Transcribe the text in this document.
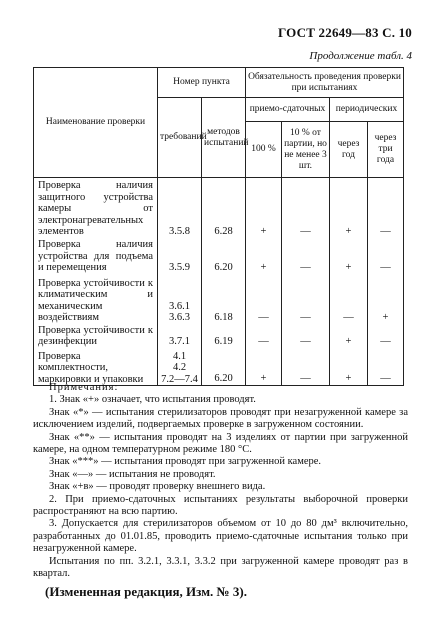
ГОСТ 22649—83 С. 10
Продолжение табл. 4
Наименование проверки	Номер пункта		Обязательность проведения проверки при испытаниях			
	требований	методов испытаний	приемо-сдаточных		периодических	
			100 %	10 % от партии, но не менее 3 шт.	через год	через три года
Проверка наличия защитного устройства камеры от электронагревательных элементов	3.5.8	6.28	+	—	+	—
Проверка наличия устройства для подъема и перемещения	3.5.9	6.20	+	—	+	—
Проверка устойчивости к климатическим и механическим воздействиям	3.6.1
3.6.3	6.18	—	—	—	+
Проверка устойчивости к дезинфекции	3.7.1	6.19	—	—	+	—
Проверка комплектности, маркировки и упаковки	4.1
4.2
7.2—7.4	6.20	+	—	+	—

Примечания:

1. Знак «+» означает, что испытания проводят.

Знак «*» — испытания стерилизаторов проводят при незагруженной камере за исключением изделий, подвергаемых проверке в загруженном состоянии.

Знак «**» — испытания проводят на 3 изделиях от партии при загруженной камере, на одном температурном режиме 180 °С.

Знак «***» — испытания проводят при загруженной камере.

Знак «—» — испытания не проводят.

Знак «+в» — проводят проверку внешнего вида.

2. При приемо-сдаточных испытаниях результаты выборочной проверки распространяют на всю партию.

3. Допускается для стерилизаторов объемом от 10 до 80 дм³ включительно, разработанных до 01.01.85, проводить приемо-сдаточные испытания только при незагруженной камере.

Испытания по пп. 3.2.1, 3.3.1, 3.3.2 при загруженной камере проводят раз в квартал.

(Измененная редакция, Изм. № 3).
